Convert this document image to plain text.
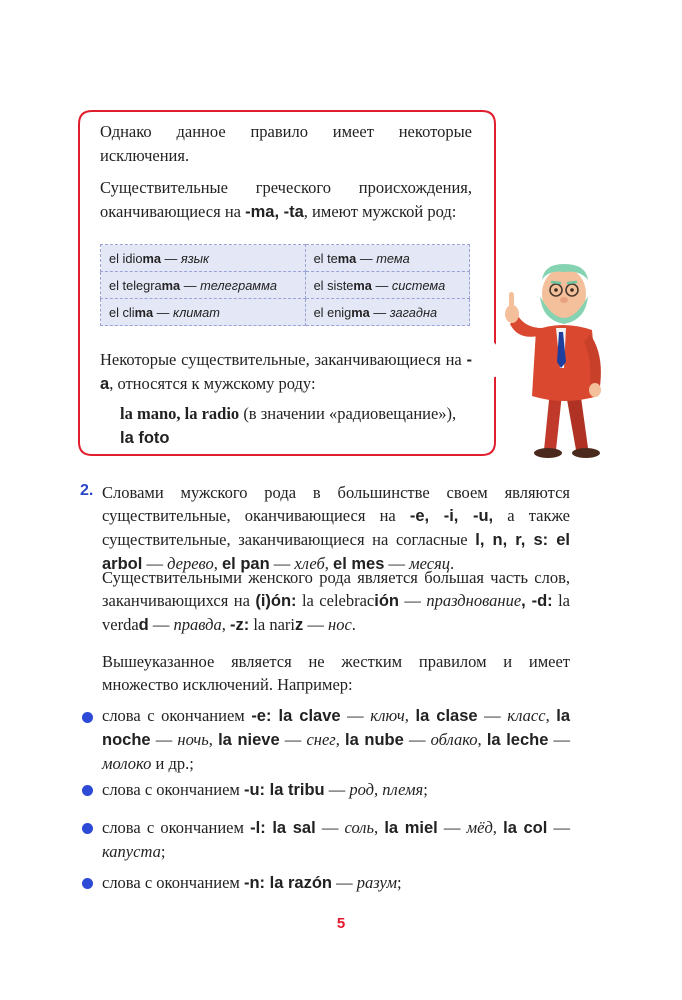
Однако данное правило имеет некоторые исключения.
Существительные греческого происхождения, оканчивающиеся на -ma, -ta, имеют мужской род:
el idioma — язык	el tema — тема
el telegrama — телеграмма	el sistema — система
el clima — климат	el enigma — загадна
Некоторые существительные, заканчивающиеся на -a, относятся к мужскому роду:
la mano, la radio (в значении «радиовещание»),
la foto
2. Словами мужского рода в большинстве своем являются существительные, оканчивающиеся на -e, -i, -u, а также существительные, заканчивающиеся на согласные l, n, r, s: el arbol — дерево, el pan — хлеб, el mes — месяц.
Существительными женского рода является большая часть слов, заканчивающихся на (i)ón: la celebración — празднование, -d: la verdad — правда, -z: la nariz — нос.
Вышеуказанное является не жестким правилом и имеет множество исключений. Например:
слова с окончанием -e: la clave — ключ, la clase — класс, la noche — ночь, la nieve — снег, la nube — облако, la leche — молоко и др.;
слова с окончанием -u: la tribu — род, племя;
слова с окончанием -l: la sal — соль, la miel — мёд, la col — капуста;
слова с окончанием -n: la razón — разум;
5
